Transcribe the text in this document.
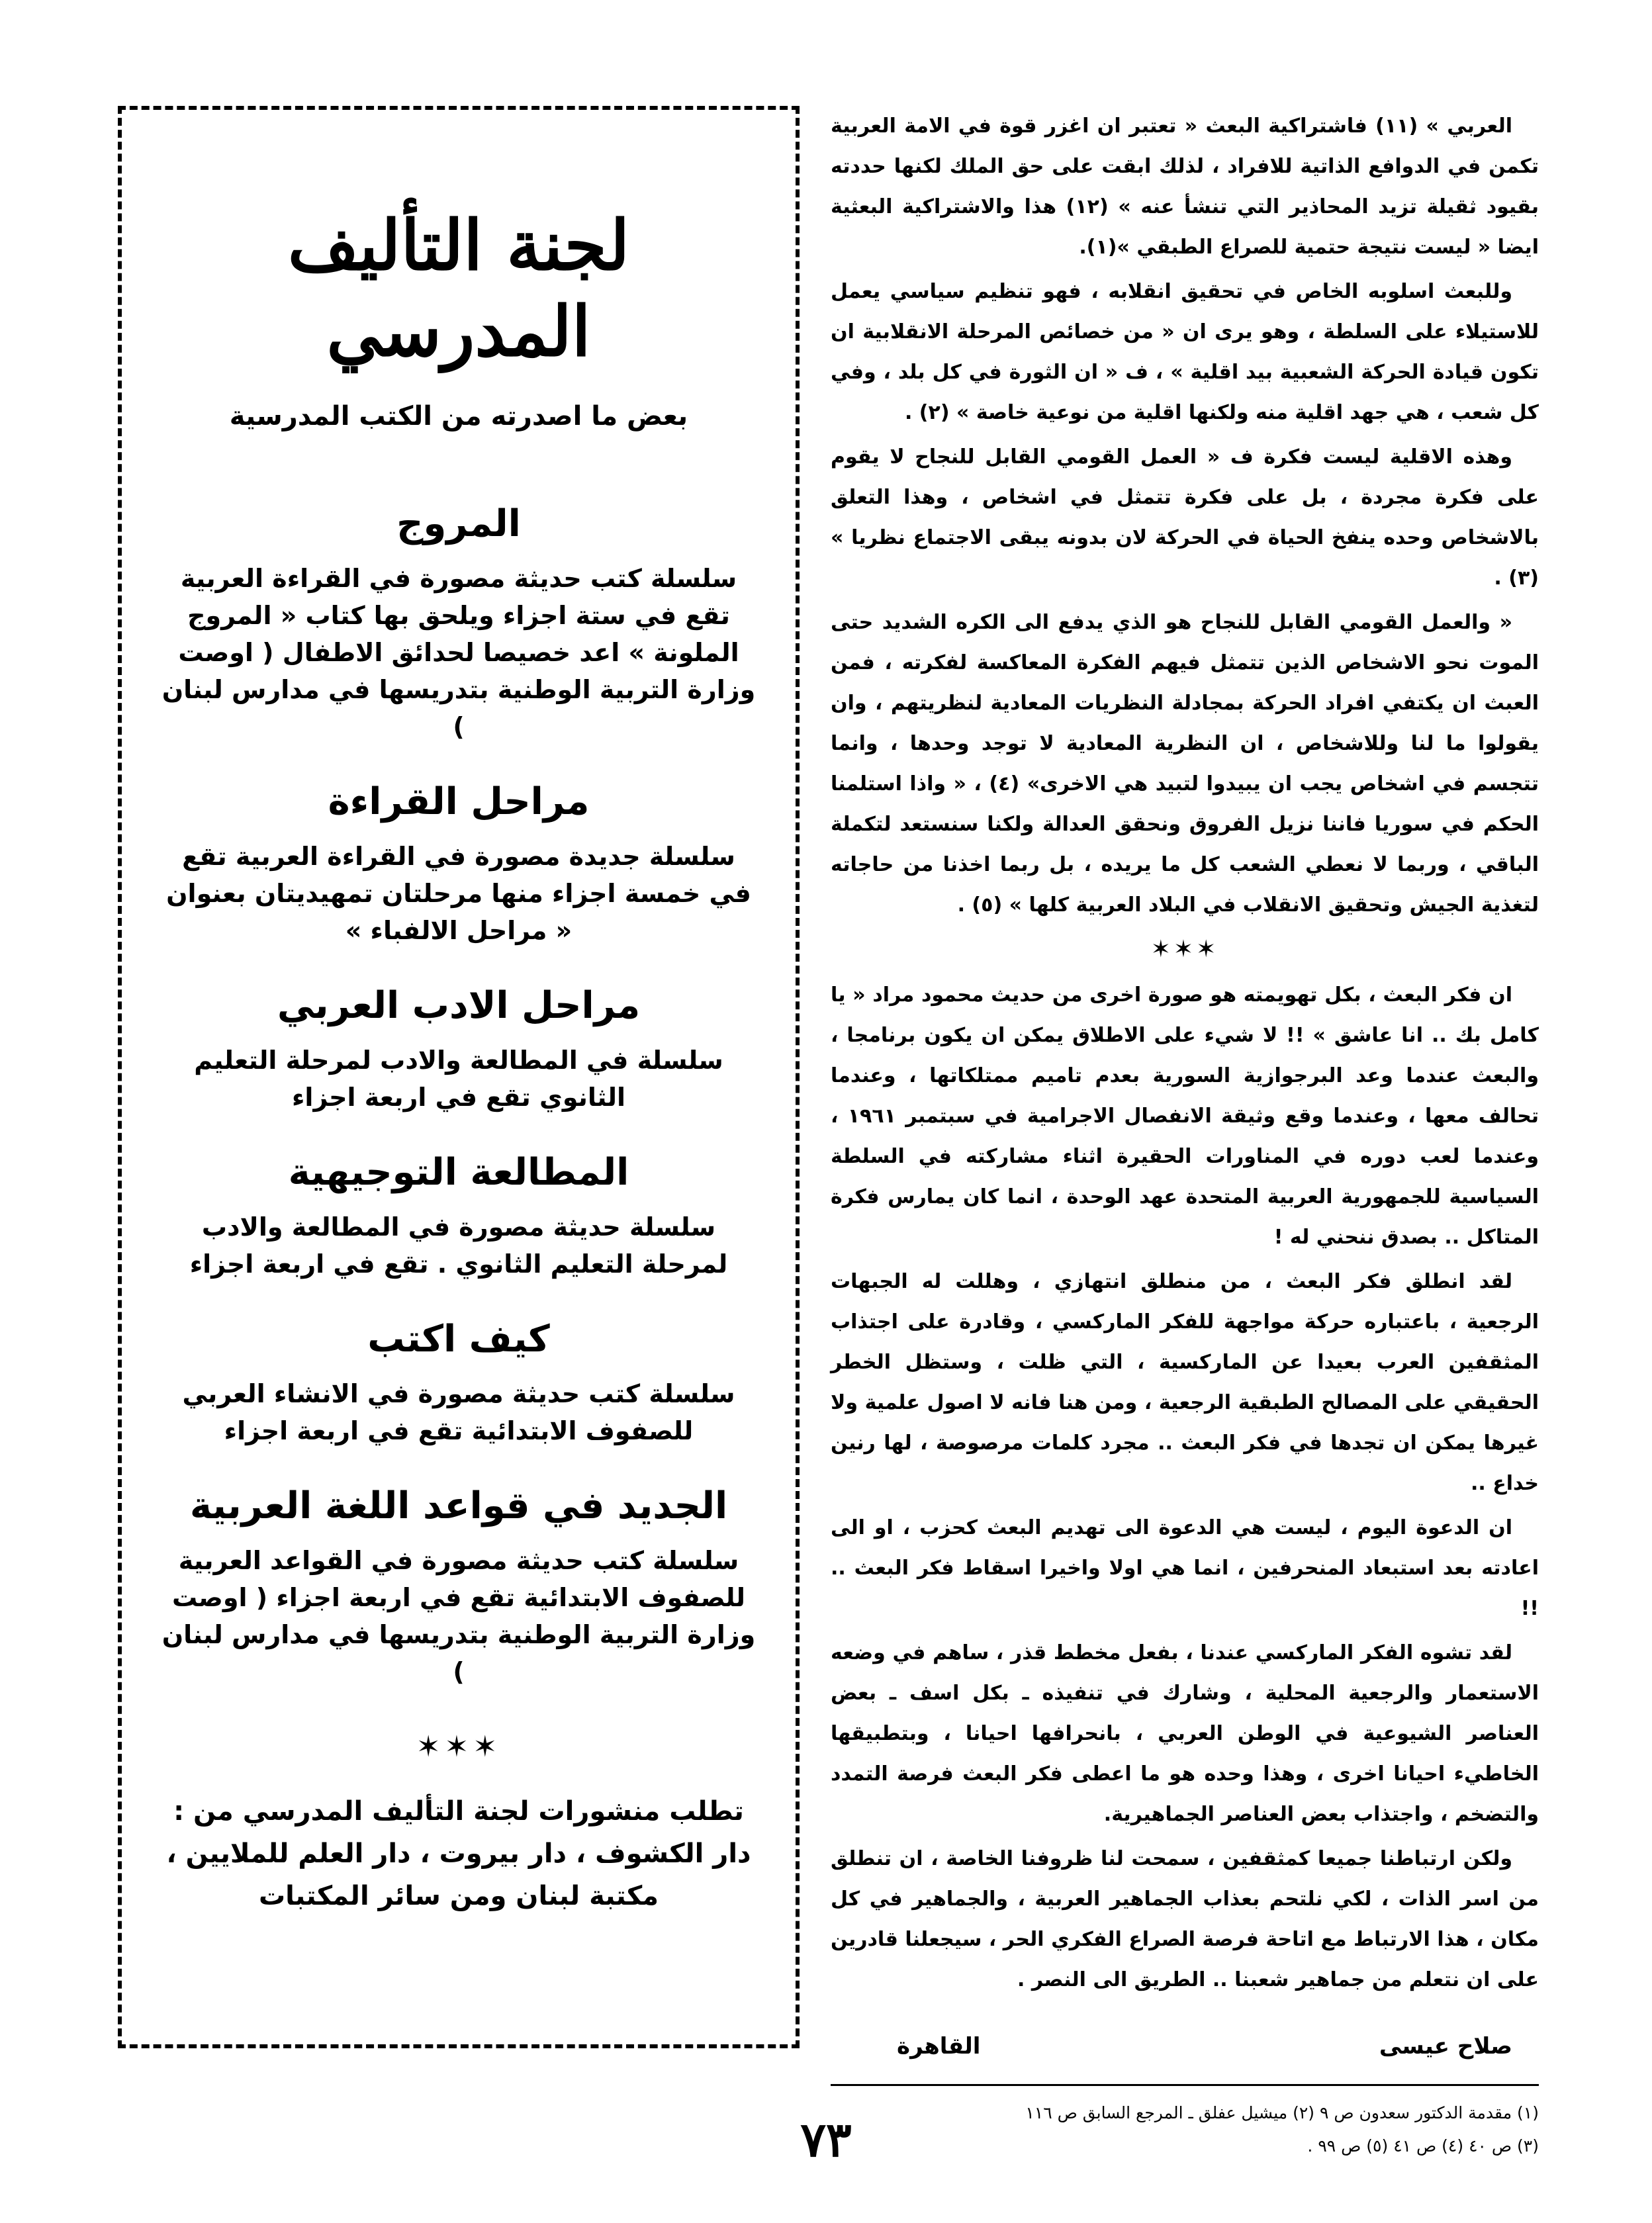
العربي » (١١) فاشتراكية البعث « تعتبر ان اغزر قوة في الامة العربية تكمن في الدوافع الذاتية للافراد ، لذلك ابقت على حق الملك لكنها حددته بقيود ثقيلة تزيد المحاذير التي تنشأ عنه » (١٢) هذا والاشتراكية البعثية ايضا « ليست نتيجة حتمية للصراع الطبقي »(١).

وللبعث اسلوبه الخاص في تحقيق انقلابه ، فهو تنظيم سياسي يعمل للاستيلاء على السلطة ، وهو يرى ان « من خصائص المرحلة الانقلابية ان تكون قيادة الحركة الشعبية بيد اقلية » ، ف « ان الثورة في كل بلد ، وفي كل شعب ، هي جهد اقلية منه ولكنها اقلية من نوعية خاصة » (٢) .

وهذه الاقلية ليست فكرة ف « العمل القومي القابل للنجاح لا يقوم على فكرة مجردة ، بل على فكرة تتمثل في اشخاص ، وهذا التعلق بالاشخاص وحده ينفخ الحياة في الحركة لان بدونه يبقى الاجتماع نظريا » (٣) .

« والعمل القومي القابل للنجاح هو الذي يدفع الى الكره الشديد حتى الموت نحو الاشخاص الذين تتمثل فيهم الفكرة المعاكسة لفكرته ، فمن العبث ان يكتفي افراد الحركة بمجادلة النظريات المعادية لنظريتهم ، وان يقولوا ما لنا وللاشخاص ، ان النظرية المعادية لا توجد وحدها ، وانما تتجسم في اشخاص يجب ان يبيدوا لتبيد هي الاخرى» (٤) ، « واذا استلمنا الحكم في سوريا فاننا نزيل الفروق ونحقق العدالة ولكنا سنستعد لتكملة الباقي ، وربما لا نعطي الشعب كل ما يريده ، بل ربما اخذنا من حاجاته لتغذية الجيش وتحقيق الانقلاب في البلاد العربية كلها » (٥) .

✶✶✶

ان فكر البعث ، بكل تهويمته هو صورة اخرى من حديث محمود مراد « يا كامل بك .. انا عاشق » !! لا شيء على الاطلاق يمكن ان يكون برنامجا ، والبعث عندما وعد البرجوازية السورية بعدم تاميم ممتلكاتها ، وعندما تحالف معها ، وعندما وقع وثيقة الانفصال الاجرامية في سبتمبر ١٩٦١ ، وعندما لعب دوره في المناورات الحقيرة اثناء مشاركته في السلطة السياسية للجمهورية العربية المتحدة عهد الوحدة ، انما كان يمارس فكرة المتاكل .. بصدق ننحني له !

لقد انطلق فكر البعث ، من منطلق انتهازي ، وهللت له الجبهات الرجعية ، باعتباره حركة مواجهة للفكر الماركسي ، وقادرة على اجتذاب المثقفين العرب بعيدا عن الماركسية ، التي ظلت ، وستظل الخطر الحقيقي على المصالح الطبقية الرجعية ، ومن هنا فانه لا اصول علمية ولا غيرها يمكن ان تجدها في فكر البعث .. مجرد كلمات مرصوصة ، لها رنين خداع ..

ان الدعوة اليوم ، ليست هي الدعوة الى تهديم البعث كحزب ، او الى اعادته بعد استبعاد المنحرفين ، انما هي اولا واخيرا اسقاط فكر البعث .. !!

لقد تشوه الفكر الماركسي عندنا ، بفعل مخطط قذر ، ساهم في وضعه الاستعمار والرجعية المحلية ، وشارك في تنفيذه ـ بكل اسف ـ بعض العناصر الشيوعية في الوطن العربي ، بانحرافها احيانا ، وبتطبيقها الخاطيء احيانا اخرى ، وهذا وحده هو ما اعطى فكر البعث فرصة التمدد والتضخم ، واجتذاب بعض العناصر الجماهيرية.

ولكن ارتباطنا جميعا كمثقفين ، سمحت لنا ظروفنا الخاصة ، ان تنطلق من اسر الذات ، لكي نلتحم بعذاب الجماهير العربية ، والجماهير في كل مكان ، هذا الارتباط مع اتاحة فرصة الصراع الفكري الحر ، سيجعلنا قادرين على ان نتعلم من جماهير شعبنا .. الطريق الى النصر .

صلاح عيسى
القاهرة

(١) مقدمة الدكتور سعدون ص ٩ (٢) ميشيل عفلق ـ المرجع السابق ص ١١٦

(٣) ص ٤٠ (٤) ص ٤١ (٥) ص ٩٩ .

لجنة التأليف المدرسي
بعض ما اصدرته من الكتب المدرسية
المروج
سلسلة كتب حديثة مصورة في القراءة العربية تقع في ستة اجزاء ويلحق بها كتاب « المروج الملونة » اعد خصيصا لحدائق الاطفال ( اوصت وزارة التربية الوطنية بتدريسها في مدارس لبنان )
مراحل القراءة
سلسلة جديدة مصورة في القراءة العربية تقع في خمسة اجزاء منها مرحلتان تمهيديتان بعنوان « مراحل الالفباء »
مراحل الادب العربي
سلسلة في المطالعة والادب لمرحلة التعليم الثانوي تقع في اربعة اجزاء
المطالعة التوجيهية
سلسلة حديثة مصورة في المطالعة والادب لمرحلة التعليم الثانوي . تقع في اربعة اجزاء
كيف اكتب
سلسلة كتب حديثة مصورة في الانشاء العربي للصفوف الابتدائية تقع في اربعة اجزاء
الجديد في قواعد اللغة العربية
سلسلة كتب حديثة مصورة في القواعد العربية للصفوف الابتدائية تقع في اربعة اجزاء ( اوصت وزارة التربية الوطنية بتدريسها في مدارس لبنان )
✶✶✶
تطلب منشورات لجنة التأليف المدرسي من :
دار الكشوف ، دار بيروت ، دار العلم للملايين ،
مكتبة لبنان ومن سائر المكتبات
٧٣
